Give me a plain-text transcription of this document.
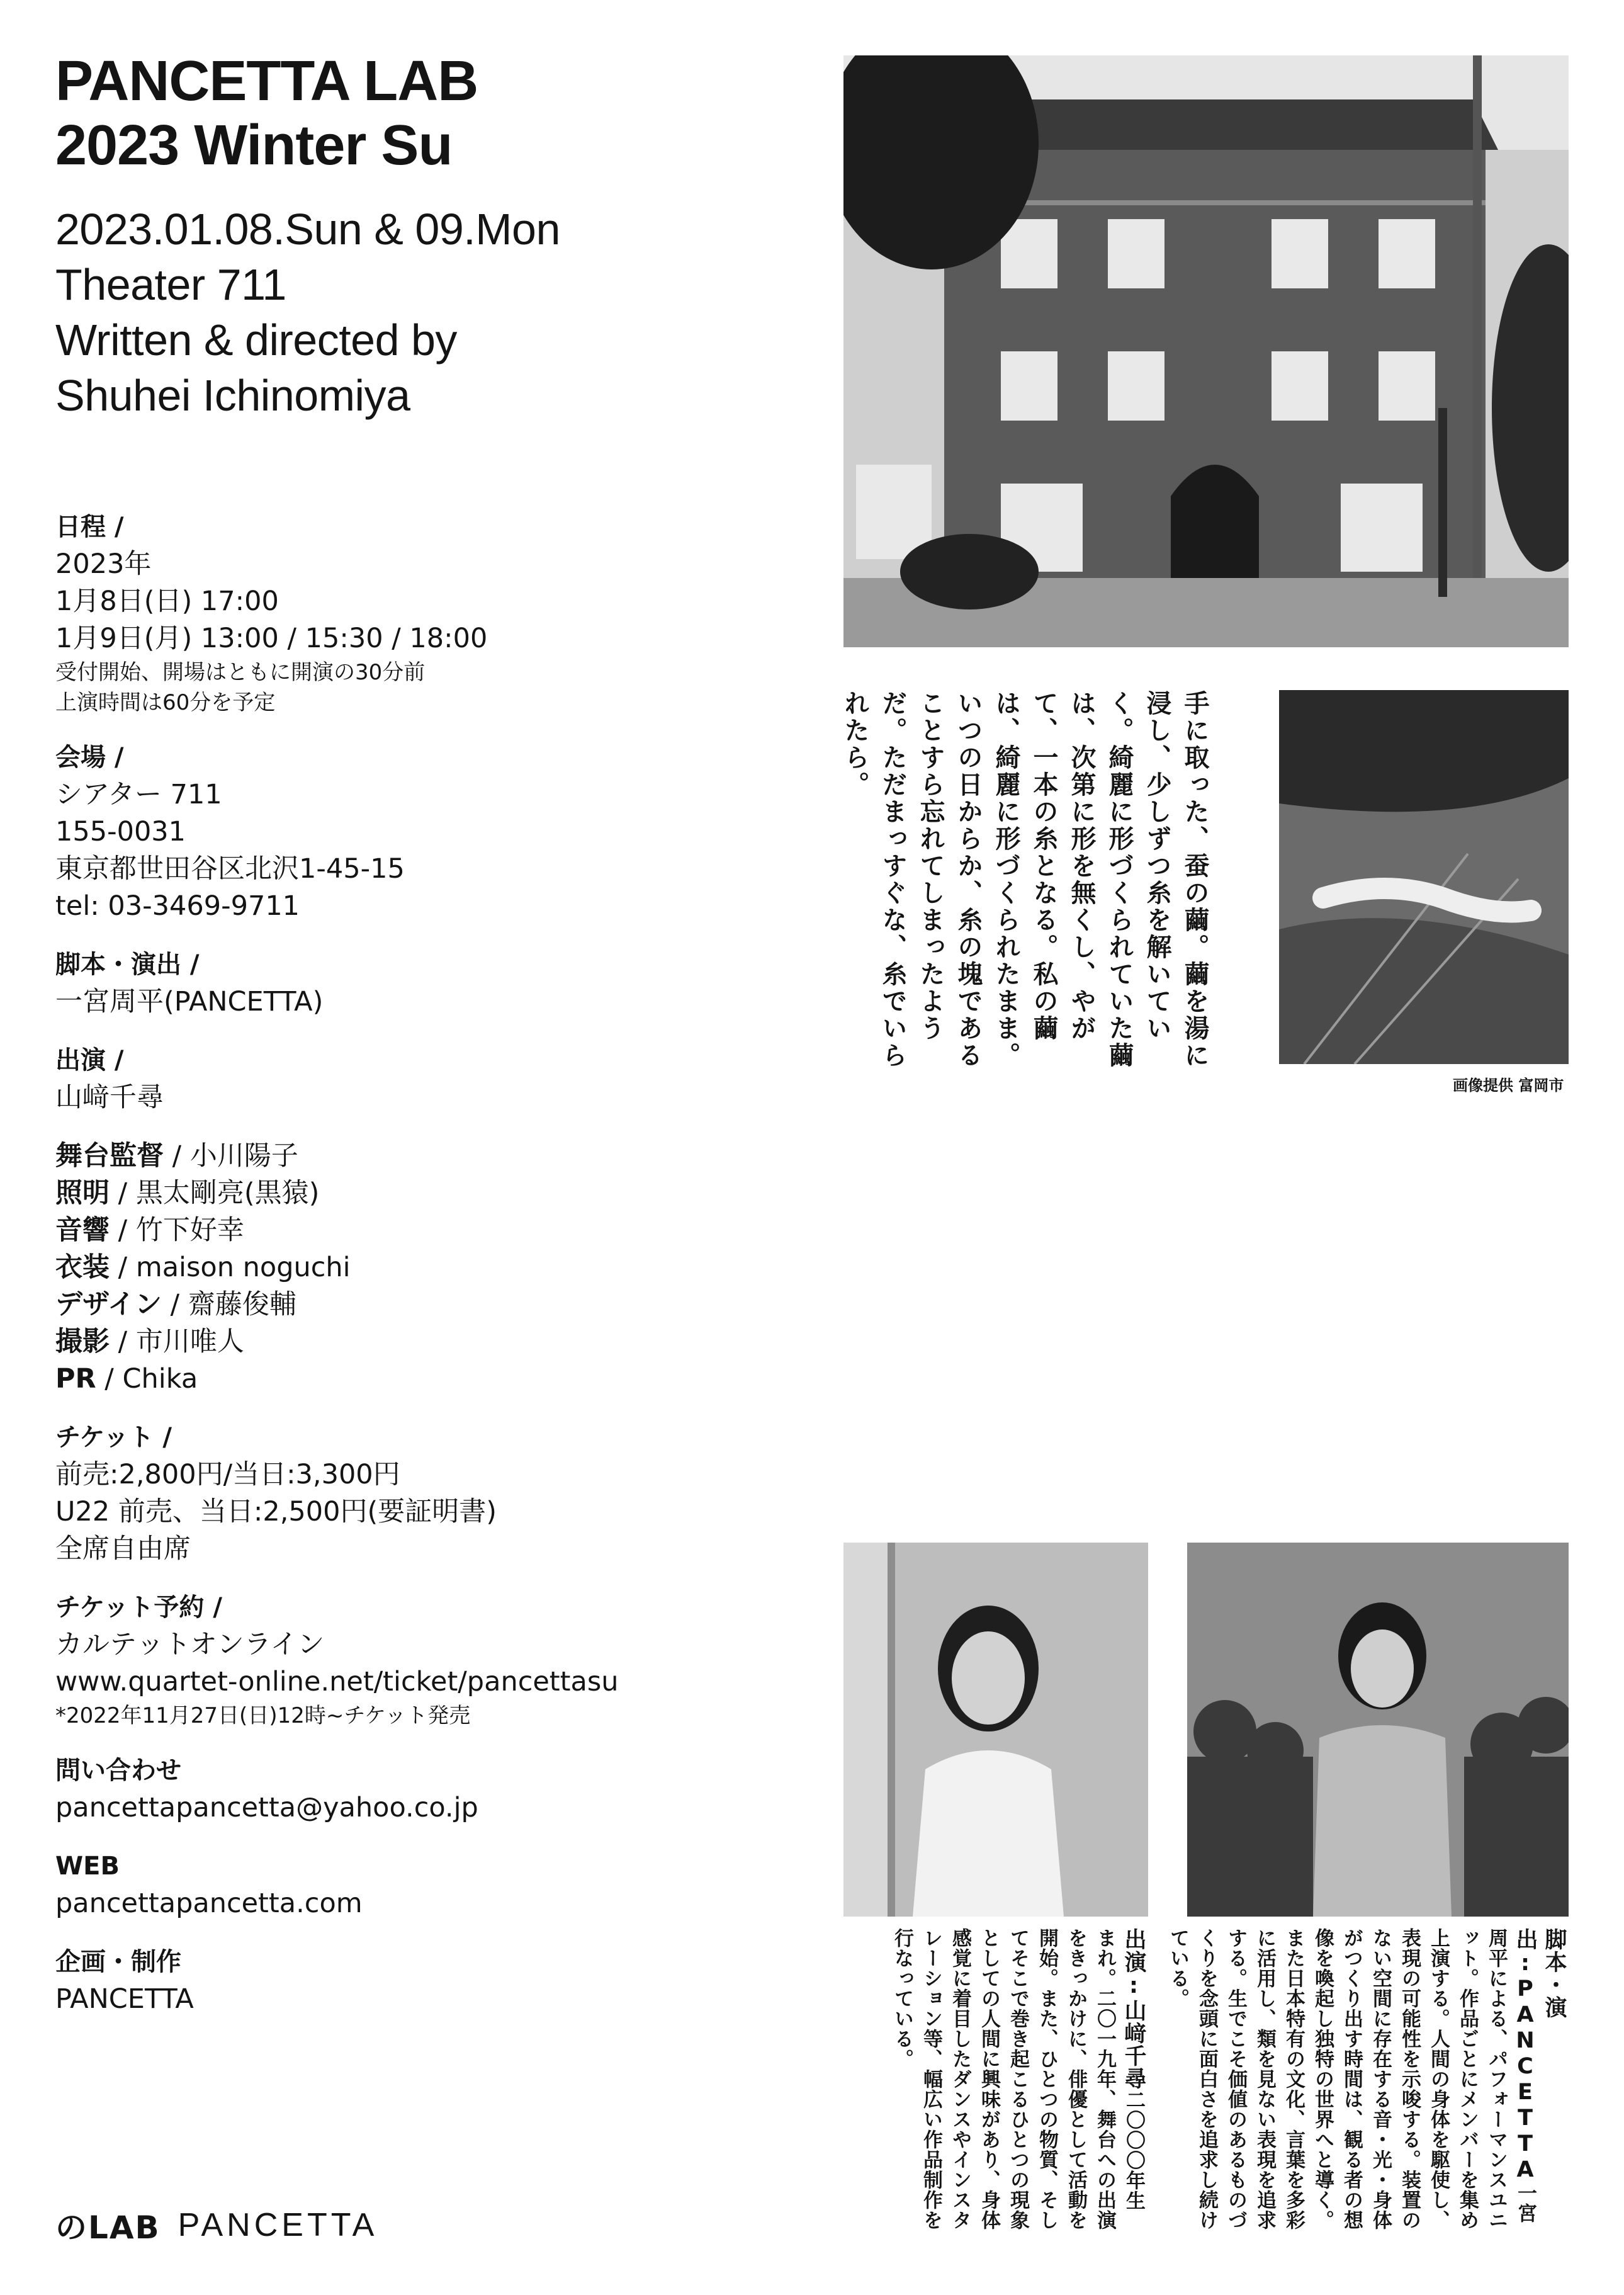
PANCETTA LAB
2023 Winter Su
2023.01.08.Sun & 09.Mon
Theater 711
Written & directed by
Shuhei Ichinomiya
日程 /
2023年
1月8日(日) 17:00
1月9日(月) 13:00 / 15:30 / 18:00
受付開始、開場はともに開演の30分前
上演時間は60分を予定
会場 /
シアター 711
155-0031
東京都世田谷区北沢1-45-15
tel: 03-3469-9711
脚本・演出 /
一宮周平(PANCETTA)
出演 /
山﨑千尋
舞台監督 / 小川陽子
照明 / 黒太剛亮(黒猿)
音響 / 竹下好幸
衣装 / maison noguchi
デザイン / 齋藤俊輔
撮影 / 市川唯人
PR / Chika
チケット /
前売:2,800円/当日:3,300円
U22 前売、当日:2,500円(要証明書)
全席自由席
チケット予約 /
カルテットオンライン
www.quartet-online.net/ticket/pancettasu
*2022年11月27日(日)12時~チケット発売
問い合わせ
pancettapancetta@yahoo.co.jp
WEB
pancettapancetta.com
企画・制作
PANCETTA
のLAB PANCETTA
手に取った、蚕の繭。繭を湯に浸し、少しずつ糸を解いていく。綺麗に形づくられていた繭は、次第に形を無くし、やがて、一本の糸となる。私の繭は、綺麗に形づくられたまま。いつの日からか、糸の塊であることすら忘れてしまったようだ。ただまっすぐな、糸でいられたら。
画像提供 富岡市
脚本・演出:PANCETTA一宮周平による、パフォーマンスユニット。作品ごとにメンバーを集め上演する。人間の身体を駆使し、表現の可能性を示唆する。装置のない空間に存在する音・光・身体がつくり出す時間は、観る者の想像を喚起し独特の世界へと導く。また日本特有の文化、言葉を多彩に活用し、類を見ない表現を追求する。生でこそ価値のあるものづくりを念頭に面白さを追求し続けている。
出演:山﨑千尋二〇〇〇年生まれ。二〇一九年、舞台への出演をきっかけに、俳優として活動を開始。また、ひとつの物質、そしてそこで巻き起こるひとつの現象としての人間に興味があり、身体感覚に着目したダンスやインスタレーション等、幅広い作品制作を行なっている。
